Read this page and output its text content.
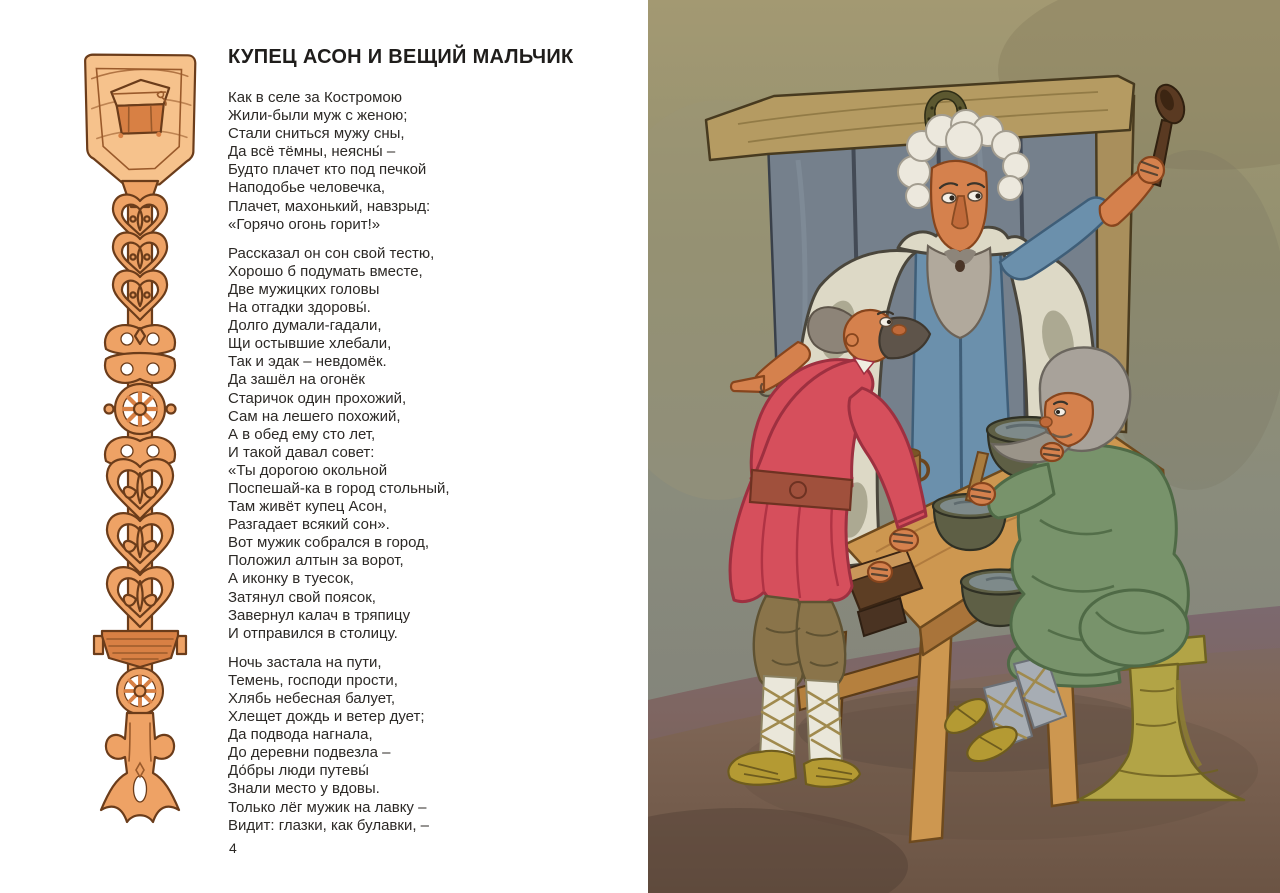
КУПЕЦ АСОН И ВЕЩИЙ МАЛЬЧИК

Как в селе за Костромою

Жили-были муж с женою;

Стали сниться мужу сны,

Да всё тёмны, неясны́ –

Будто плачет кто под печкой

Наподобье человечка,

Плачет, махонький, навзрыд:

«Горячо огонь горит!»

Рассказал он сон свой тестю,

Хорошо б подумать вместе,

Две мужицких головы

На отгадки здоровы́.

Долго думали-гадали,

Щи остывшие хлебали,

Так и эдак – невдомёк.

Да зашёл на огонёк

Старичок один прохожий,

Сам на лешего похожий,

А в обед ему сто лет,

И такой давал совет:

«Ты дорогою окольной

Поспешай-ка в город стольный,

Там живёт купец Асон,

Разгадает всякий сон».

Вот мужик собрался в город,

Положил алтын за ворот,

А иконку в туесок,

Затянул свой поясок,

Завернул калач в тряпицу

И отправился в столицу.

Ночь застала на пути,

Темень, господи прости,

Хлябь небесная балует,

Хлещет дождь и ветер дует;

Да подвода нагнала,

До деревни подвезла –

До́бры люди путевы́

Знали место у вдовы.

Только лёг мужик на лавку –

Видит: глазки, как булавки, –

4
